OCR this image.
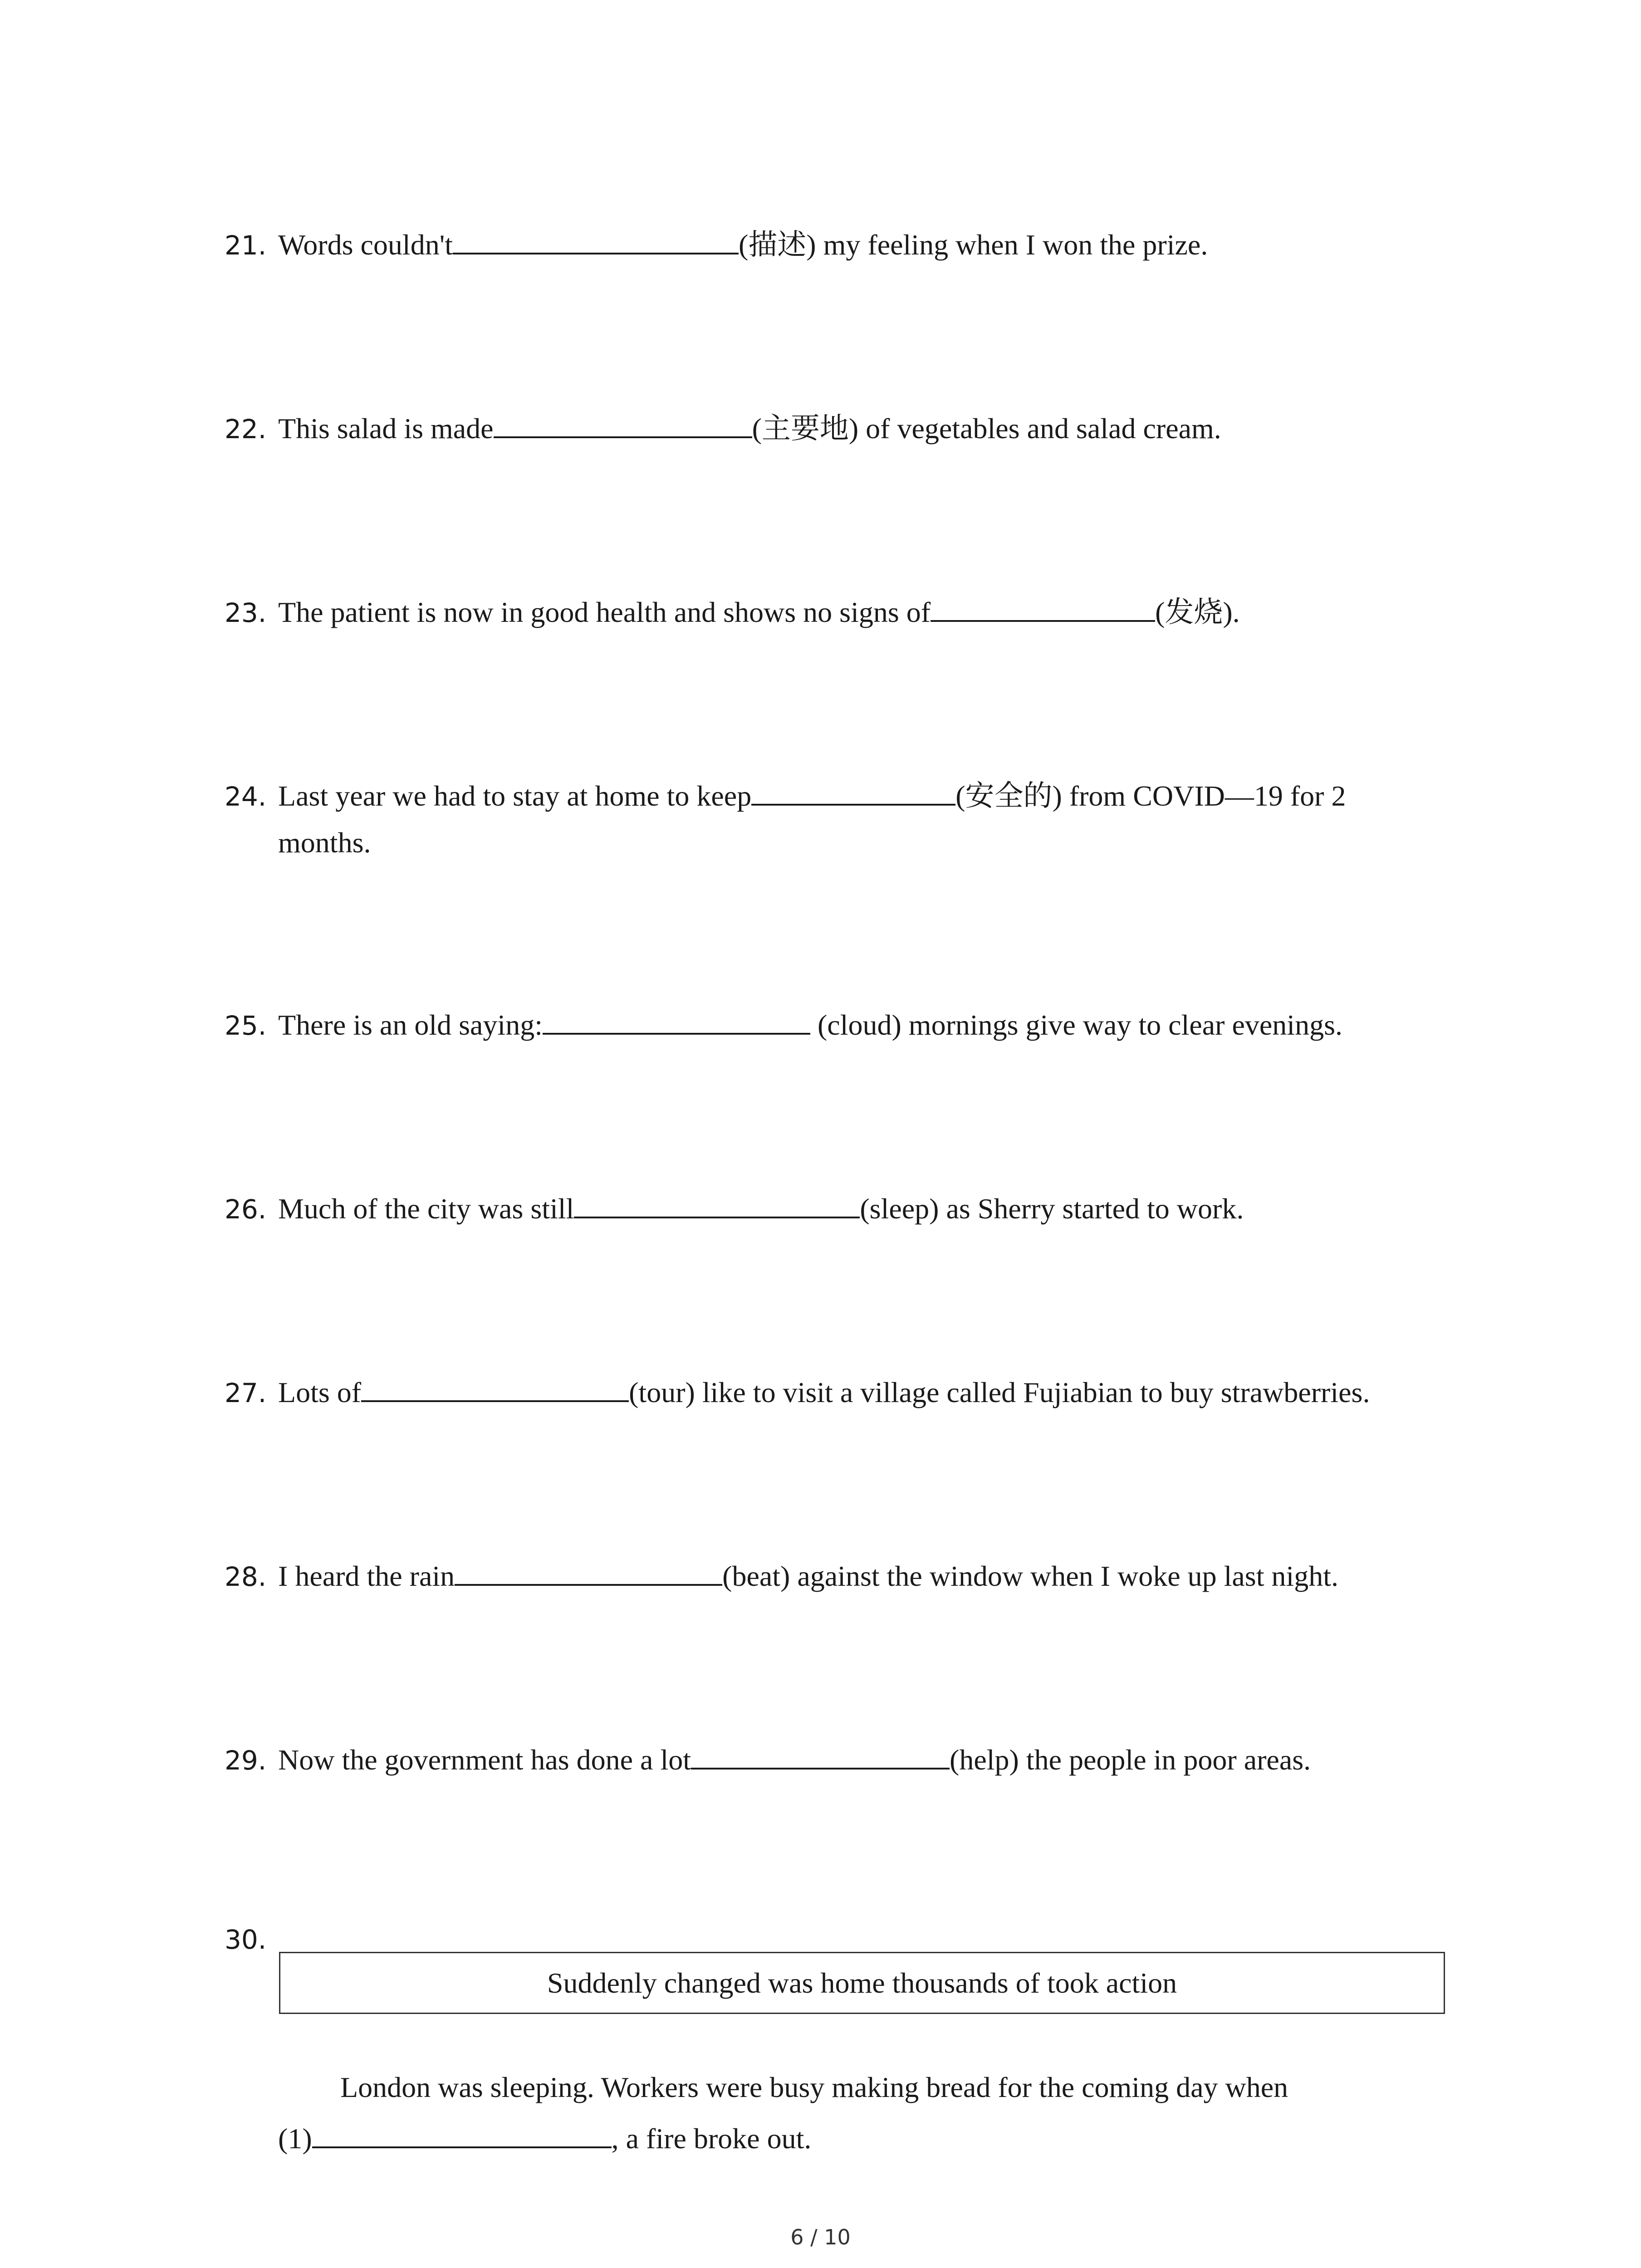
21. Words couldn't	(描述) my feeling when I won the prize.
22. This salad is made	(主要地) of vegetables and salad cream.
23. The patient is now in good health and shows no signs of	(发烧).
24. Last year we had to stay at home to keep	(安全的) from COVID—19 for 2
months.
25. There is an old saying:	(cloud) mornings give way to clear evenings.
26. Much of the city was still	(sleep) as Sherry started to work.
27. Lots of	(tour) like to visit a village called Fujiabian to buy strawberries.
28. I heard the rain	(beat) against the window when I woke up last night.
29. Now the government has done a lot	(help) the people in poor areas.
30.
Suddenly changed was home thousands of took action
London was sleeping. Workers were busy making bread for the coming day when
(1)	, a fire broke out.
6 / 10
